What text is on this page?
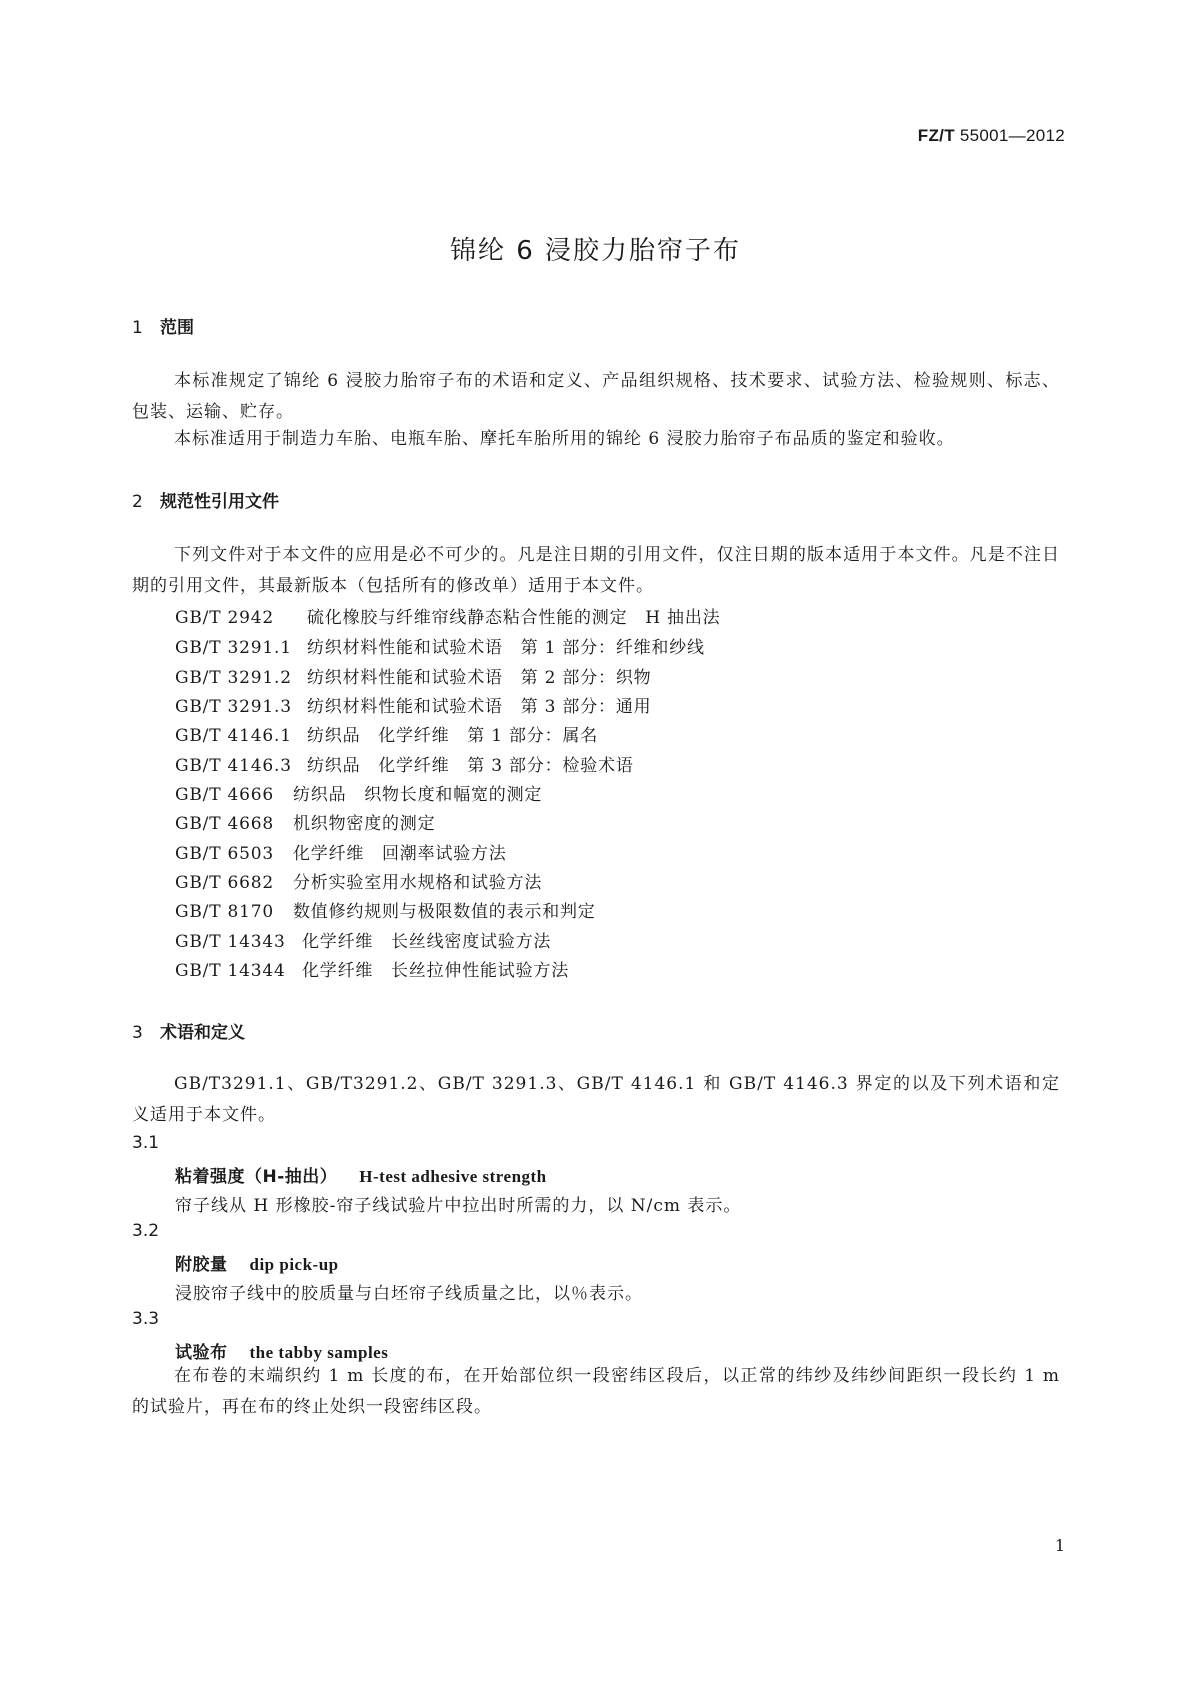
FZ/T 55001—2012
锦纶 6 浸胶力胎帘子布
1 范围
本标准规定了锦纶 6 浸胶力胎帘子布的术语和定义、产品组织规格、技术要求、试验方法、检验规则、标志、包装、运输、贮存。
本标准适用于制造力车胎、电瓶车胎、摩托车胎所用的锦纶 6 浸胶力胎帘子布品质的鉴定和验收。
2 规范性引用文件
下列文件对于本文件的应用是必不可少的。凡是注日期的引用文件，仅注日期的版本适用于本文件。凡是不注日期的引用文件，其最新版本（包括所有的修改单）适用于本文件。
GB/T 2942 硫化橡胶与纤维帘线静态粘合性能的测定　H 抽出法
GB/T 3291.1 纺织材料性能和试验术语　第 1 部分：纤维和纱线
GB/T 3291.2 纺织材料性能和试验术语　第 2 部分：织物
GB/T 3291.3 纺织材料性能和试验术语　第 3 部分：通用
GB/T 4146.1 纺织品　化学纤维　第 1 部分：属名
GB/T 4146.3 纺织品　化学纤维　第 3 部分：检验术语
GB/T 4666 纺织品　织物长度和幅宽的测定
GB/T 4668 机织物密度的测定
GB/T 6503 化学纤维　回潮率试验方法
GB/T 6682 分析实验室用水规格和试验方法
GB/T 8170 数值修约规则与极限数值的表示和判定
GB/T 14343 化学纤维　长丝线密度试验方法
GB/T 14344 化学纤维　长丝拉伸性能试验方法
3 术语和定义
GB/T3291.1、GB/T3291.2、GB/T 3291.3、GB/T 4146.1 和 GB/T 4146.3 界定的以及下列术语和定义适用于本文件。
3.1
粘着强度（H-抽出） H-test adhesive strength
帘子线从 H 形橡胶-帘子线试验片中拉出时所需的力，以 N/cm 表示。
3.2
附胶量 dip pick-up
浸胶帘子线中的胶质量与白坯帘子线质量之比，以％表示。
3.3
试验布 the tabby samples
在布卷的末端织约 1 m 长度的布，在开始部位织一段密纬区段后，以正常的纬纱及纬纱间距织一段长约 1 m 的试验片，再在布的终止处织一段密纬区段。
1
